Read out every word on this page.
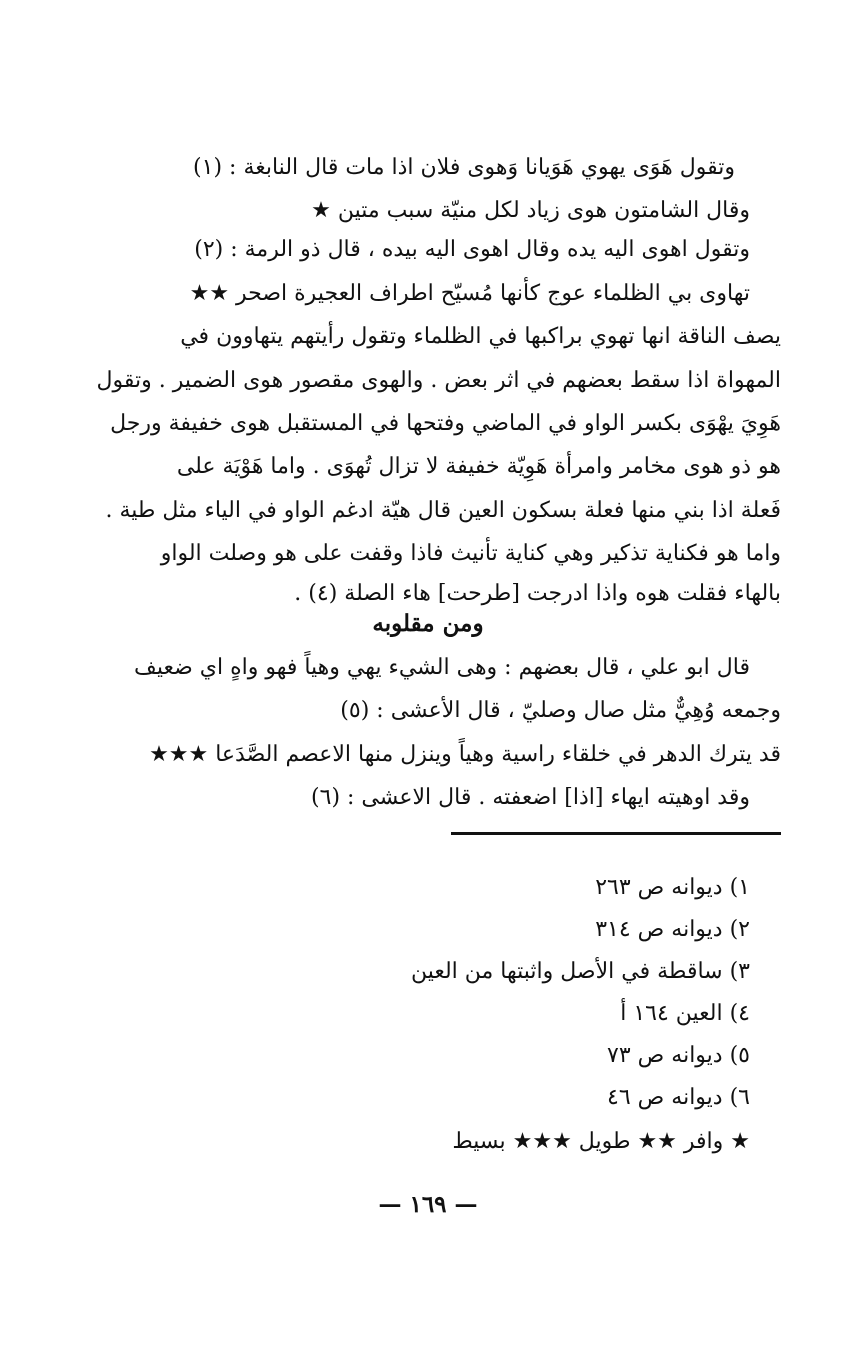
وتقول هَوَى يهوي هَوَيانا وَهوى فلان اذا مات قال النابغة : (١)
وقال الشامتون هوى زياد لكل منيّة سبب متين ★
وتقول اهوى اليه يده وقال اهوى اليه بيده ، قال ذو الرمة : (٢)
تهاوى بي الظلماء عوج كأنها مُسيّح اطراف العجيرة اصحر ★★
يصف الناقة انها تهوي براكبها في الظلماء وتقول رأيتهم يتهاوون في
المهواة اذا سقط بعضهم في اثر بعض . والهوى مقصور هوى الضمير . وتقول
هَوِيَ يهْوَى بكسر الواو في الماضي وفتحها في المستقبل هوى خفيفة ورجل
هو ذو هوى مخامر وامرأة هَوِيّة خفيفة لا تزال تُهوَى . واما هَوْيَة على
فَعلة اذا بني منها فعلة بسكون العين قال هيّة ادغم الواو في الياء مثل طية .
واما هو فكناية تذكير وهي كناية تأنيث فاذا وقفت على هو وصلت الواو
بالهاء فقلت هوه واذا ادرجت [طرحت] هاء الصلة (٤) .
ومن مقلوبه
قال ابو علي ، قال بعضهم : وهى الشيء يهي وهياً فهو واهٍ اي ضعيف
وجمعه وُهِيٌّ مثل صال وصليّ ، قال الأعشى : (٥)
قد يترك الدهر في خلقاء راسية وهياً وينزل منها الاعصم الصَّدَعا ★★★
وقد اوهيته ايهاء [اذا] اضعفته . قال الاعشى : (٦)
١) ديوانه ص ٢٦٣
٢) ديوانه ص ٣١٤
٣) ساقطة في الأصل واثبتها من العين
٤) العين ١٦٤ أ
٥) ديوانه ص ٧٣
٦) ديوانه ص ٤٦
★ وافر ★★ طويل ★★★ بسيط
— ١٦٩ —
